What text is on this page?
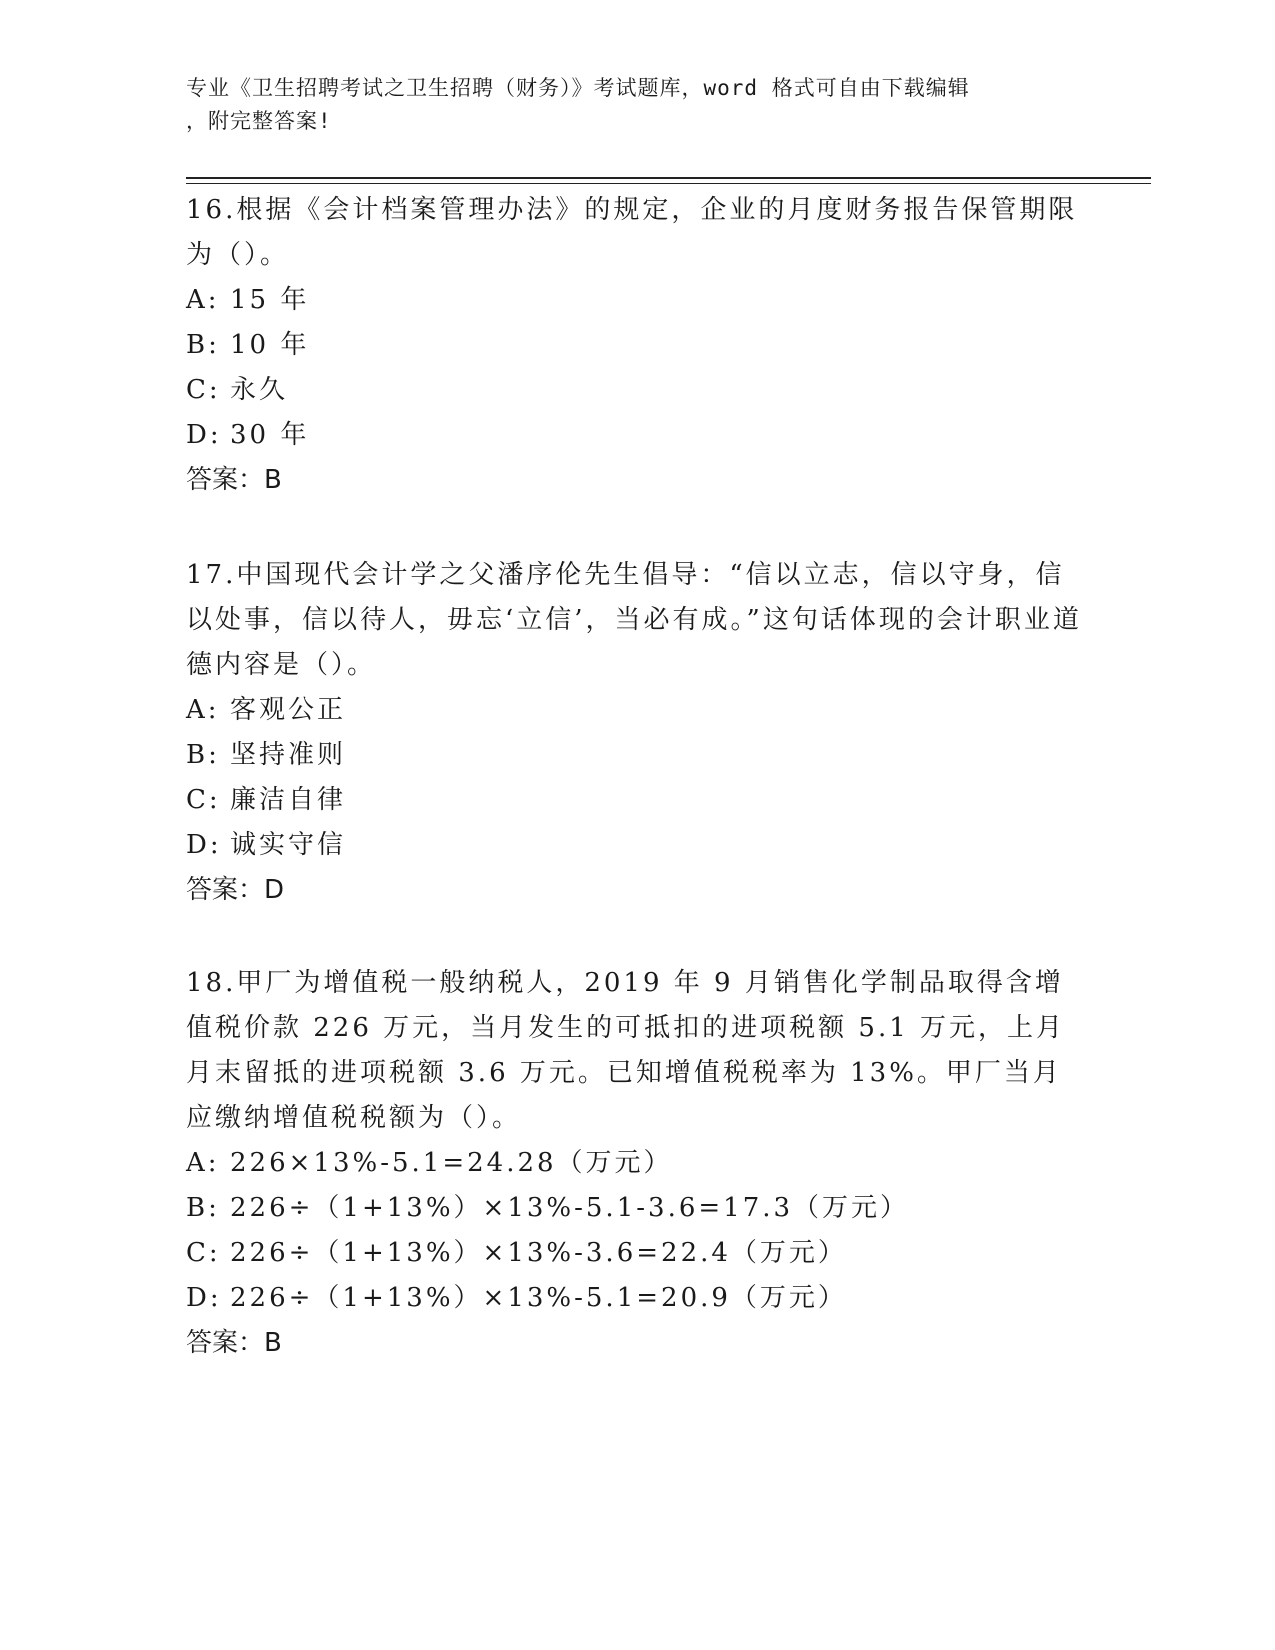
专业《卫生招聘考试之卫生招聘（财务）》考试题库，word 格式可自由下载编辑
，附完整答案!

16.根据《会计档案管理办法》的规定，企业的月度财务报告保管期限为（）。

A: 15 年

B: 10 年

C: 永久

D: 30 年

答案：B

17.中国现代会计学之父潘序伦先生倡导：“信以立志，信以守身，信以处事，信以待人，毋忘‘立信’，当必有成。”这句话体现的会计职业道德内容是（）。

A: 客观公正

B: 坚持准则

C: 廉洁自律

D: 诚实守信

答案：D

18.甲厂为增值税一般纳税人，2019 年 9 月销售化学制品取得含增值税价款 226 万元，当月发生的可抵扣的进项税额 5.1 万元，上月月末留抵的进项税额 3.6 万元。已知增值税税率为 13%。甲厂当月应缴纳增值税税额为（）。

A: 226×13%-5.1=24.28（万元）

B: 226÷（1+13%）×13%-5.1-3.6=17.3（万元）

C: 226÷（1+13%）×13%-3.6=22.4（万元）

D: 226÷（1+13%）×13%-5.1=20.9（万元）

答案：B
